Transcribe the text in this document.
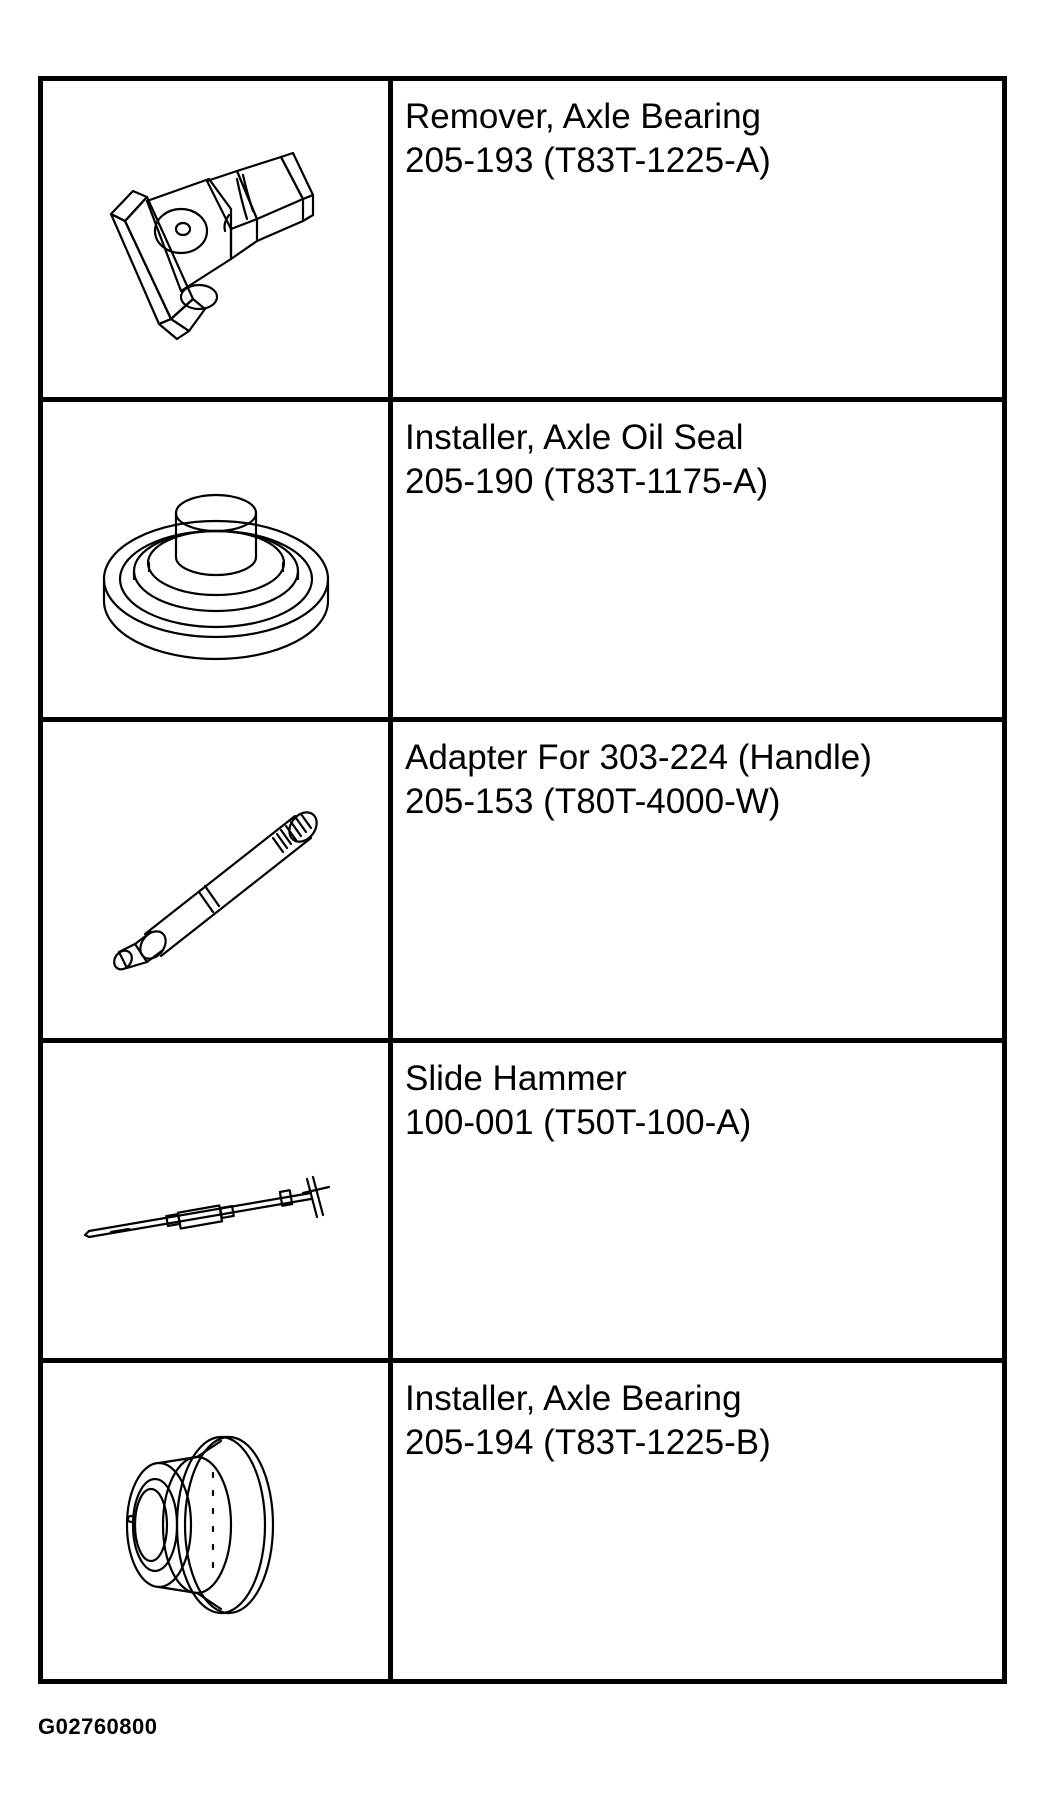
Remover, Axle Bearing
205-193 (T83T-1225-A)
Installer, Axle Oil Seal
205-190 (T83T-1175-A)
Adapter For 303-224 (Handle)
205-153 (T80T-4000-W)
Slide Hammer
100-001 (T50T-100-A)
Installer, Axle Bearing
205-194 (T83T-1225-B)
G02760800
